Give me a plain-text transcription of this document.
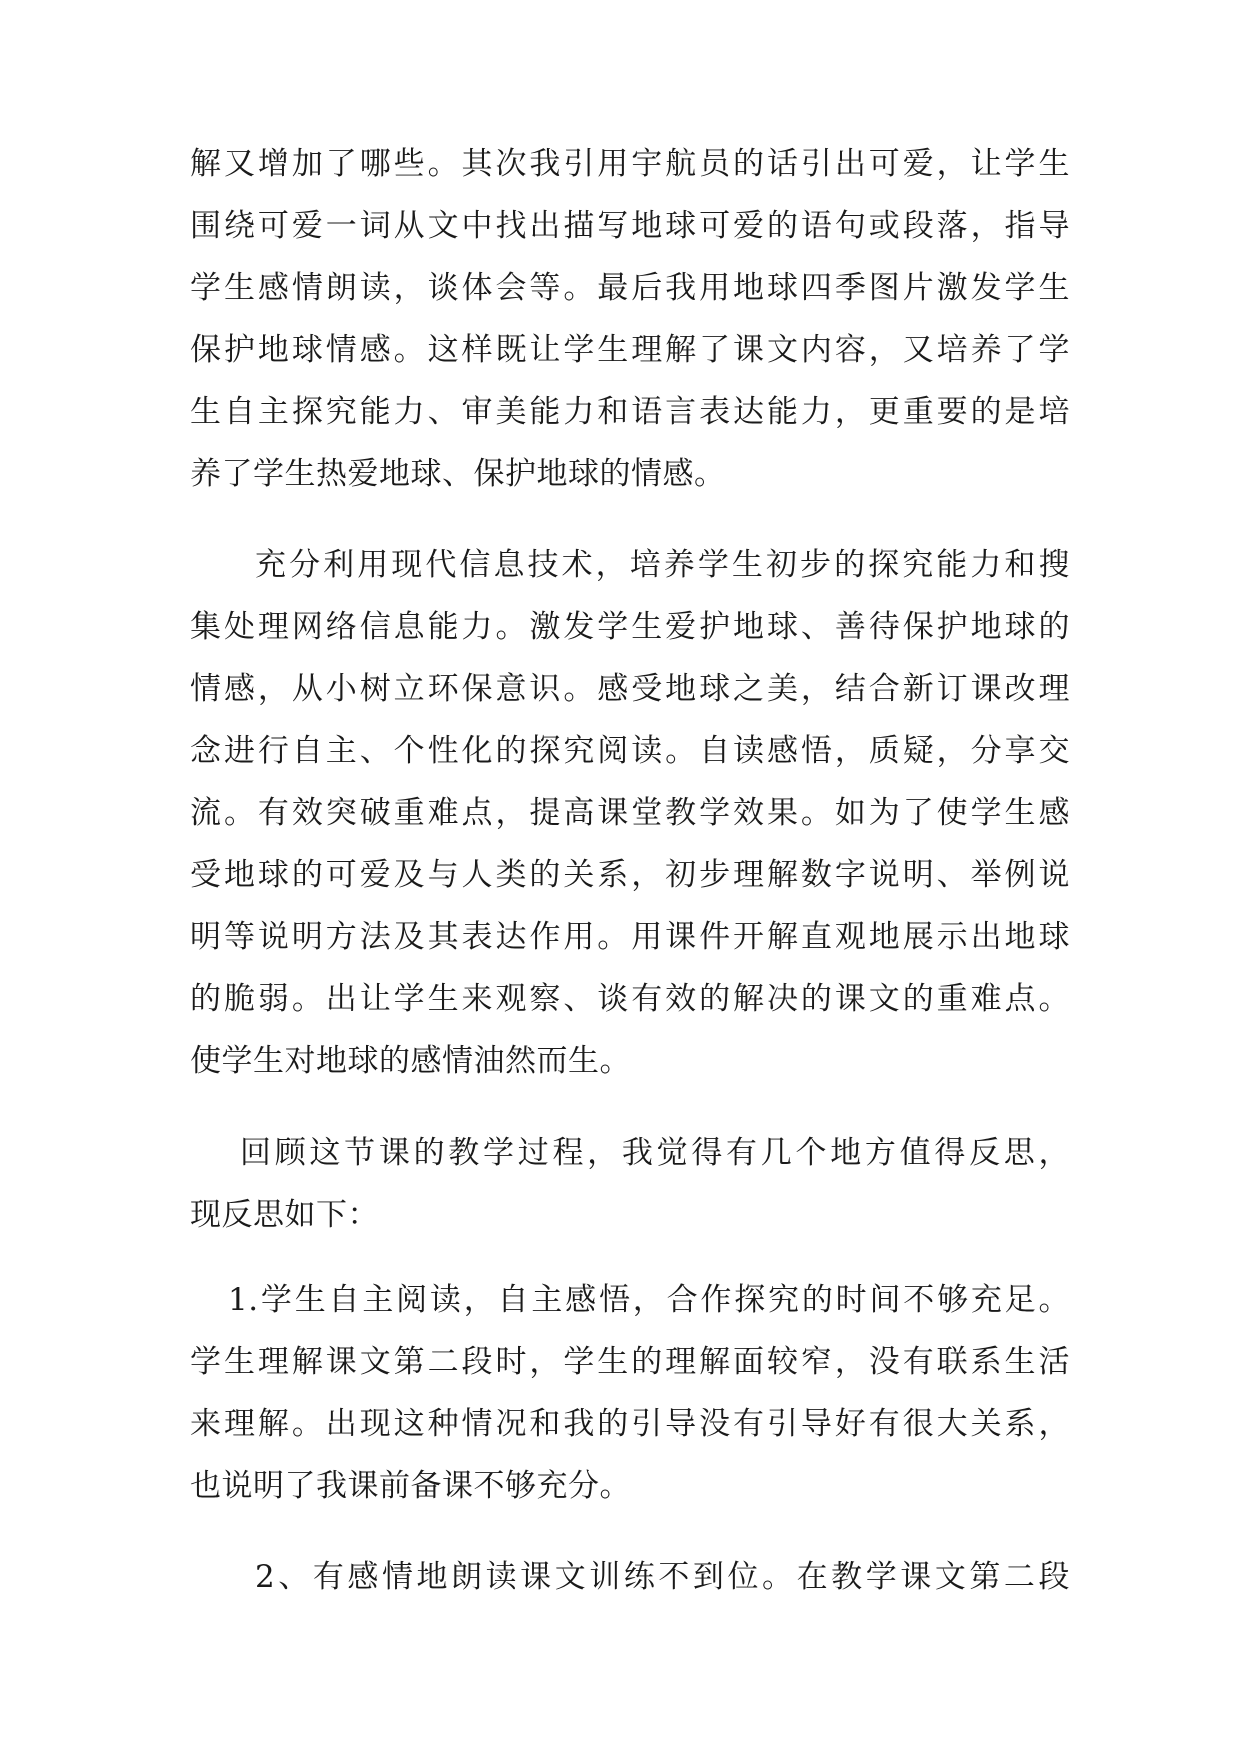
解又增加了哪些。其次我引用宇航员的话引出可爱，让学生
围绕可爱一词从文中找出描写地球可爱的语句或段落，指导
学生感情朗读，谈体会等。最后我用地球四季图片激发学生
保护地球情感。这样既让学生理解了课文内容，又培养了学
生自主探究能力、审美能力和语言表达能力，更重要的是培
养了学生热爱地球、保护地球的情感。
充分利用现代信息技术，培养学生初步的探究能力和搜
集处理网络信息能力。激发学生爱护地球、善待保护地球的
情感，从小树立环保意识。感受地球之美，结合新订课改理
念进行自主、个性化的探究阅读。自读感悟，质疑，分享交
流。有效突破重难点，提高课堂教学效果。如为了使学生感
受地球的可爱及与人类的关系，初步理解数字说明、举例说
明等说明方法及其表达作用。用课件开解直观地展示出地球
的脆弱。出让学生来观察、谈有效的解决的课文的重难点。
使学生对地球的感情油然而生。
回顾这节课的教学过程，我觉得有几个地方值得反思，
现反思如下：
1.学生自主阅读，自主感悟，合作探究的时间不够充足。
学生理解课文第二段时，学生的理解面较窄，没有联系生活
来理解。出现这种情况和我的引导没有引导好有很大关系，
也说明了我课前备课不够充分。
2、有感情地朗读课文训练不到位。在教学课文第二段
